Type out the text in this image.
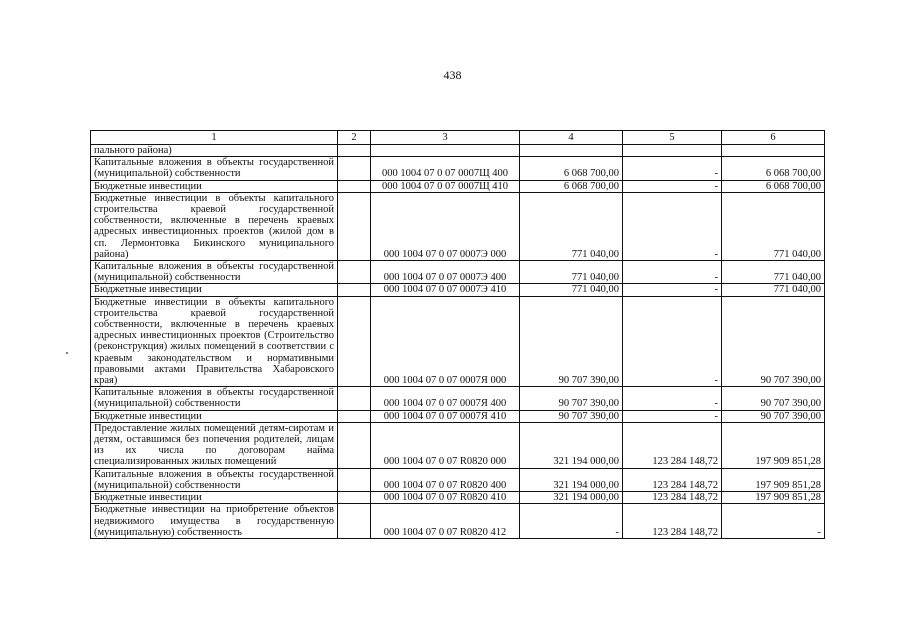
438
1	2	3	4	5	6
пального района)					
Капитальные вложения в объекты государственной (муниципальной) собственности		000 1004 07 0 07 0007Щ 400	6 068 700,00	-	6 068 700,00
Бюджетные инвестиции		000 1004 07 0 07 0007Щ 410	6 068 700,00	-	6 068 700,00
Бюджетные инвестиции в объекты капитального строительства краевой государственной собственности, включенные в перечень краевых адресных инвестиционных проектов (жилой дом в сп. Лермонтовка Бикинского муниципального района)		000 1004 07 0 07 0007Э 000	771 040,00	-	771 040,00
Капитальные вложения в объекты государственной (муниципальной) собственности		000 1004 07 0 07 0007Э 400	771 040,00	-	771 040,00
Бюджетные инвестиции		000 1004 07 0 07 0007Э 410	771 040,00	-	771 040,00
Бюджетные инвестиции в объекты капитального строительства краевой государственной собственности, включенные в перечень краевых адресных инвестиционных проектов (Строительство (реконструкция) жилых помещений в соответствии с краевым законодательством и нормативными правовыми актами Правительства Хабаровского края)		000 1004 07 0 07 0007Я 000	90 707 390,00	-	90 707 390,00
Капитальные вложения в объекты государственной (муниципальной) собственности		000 1004 07 0 07 0007Я 400	90 707 390,00	-	90 707 390,00
Бюджетные инвестиции		000 1004 07 0 07 0007Я 410	90 707 390,00	-	90 707 390,00
Предоставление жилых помещений детям-сиротам и детям, оставшимся без попечения родителей, лицам из их числа по договорам найма специализированных жилых помещений		000 1004 07 0 07 R0820 000	321 194 000,00	123 284 148,72	197 909 851,28
Капитальные вложения в объекты государственной (муниципальной) собственности		000 1004 07 0 07 R0820 400	321 194 000,00	123 284 148,72	197 909 851,28
Бюджетные инвестиции		000 1004 07 0 07 R0820 410	321 194 000,00	123 284 148,72	197 909 851,28
Бюджетные инвестиции на приобретение объектов недвижимого имущества в государственную (муниципальную) собственность		000 1004 07 0 07 R0820 412	-	123 284 148,72	-
